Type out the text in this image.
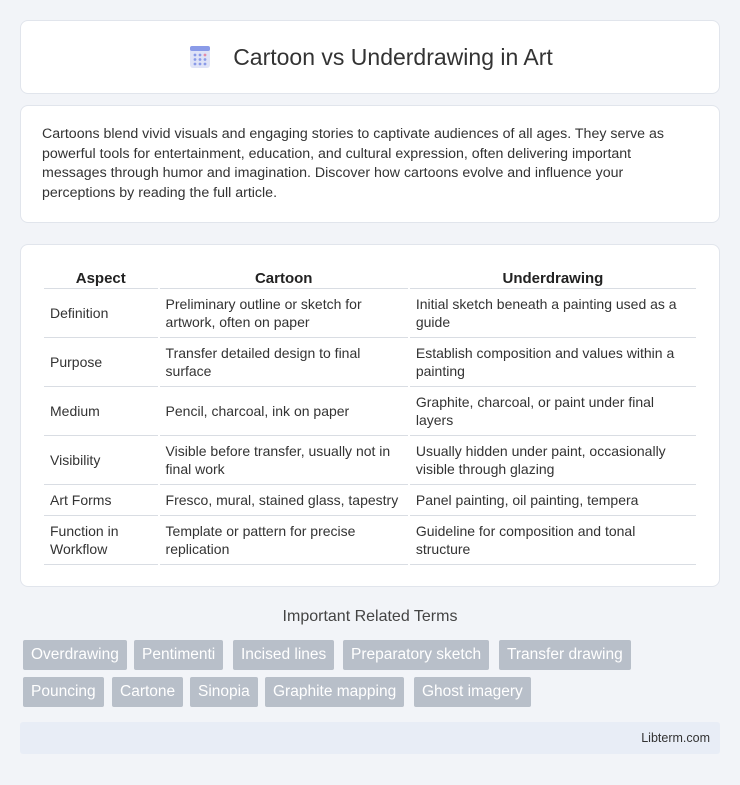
Cartoon vs Underdrawing in Art

Cartoons blend vivid visuals and engaging stories to captivate audiences of all ages. They serve as powerful tools for entertainment, education, and cultural expression, often delivering important messages through humor and imagination. Discover how cartoons evolve and influence your perceptions by reading the full article.

Aspect	Cartoon	Underdrawing
Definition	Preliminary outline or sketch for artwork, often on paper	Initial sketch beneath a painting used as a guide
Purpose	Transfer detailed design to final surface	Establish composition and values within a painting
Medium	Pencil, charcoal, ink on paper	Graphite, charcoal, or paint under final layers
Visibility	Visible before transfer, usually not in final work	Usually hidden under paint, occasionally visible through glazing
Art Forms	Fresco, mural, stained glass, tapestry	Panel painting, oil painting, tempera
Function in Workflow	Template or pattern for precise replication	Guideline for composition and tonal structure
Important Related Terms
Overdrawing	Pentimenti	Incised lines	Preparatory sketch	Transfer drawing
Pouncing	Cartone	Sinopia	Graphite mapping	Ghost imagery
Libterm.com
